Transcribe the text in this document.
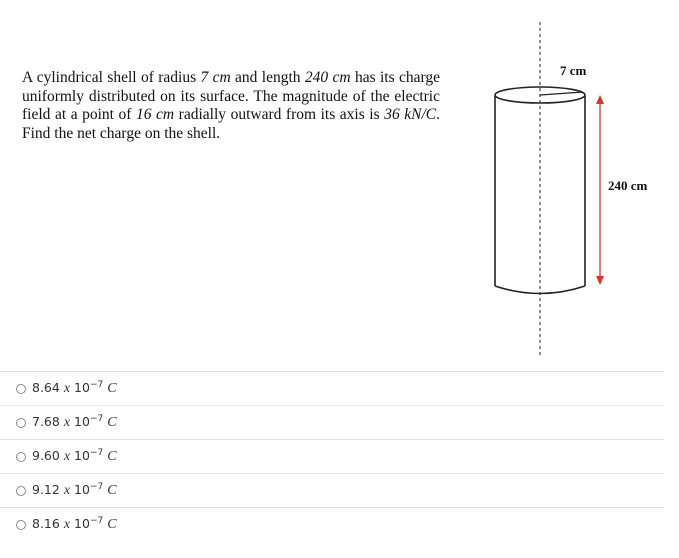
A cylindrical shell of radius 7 cm and length 240 cm has its charge uniformly distributed on its surface. The magnitude of the electric field at a point of 16 cm radially outward from its axis is 36 kN/C. Find the net charge on the shell.
7 cm
240 cm
8.64 x $10^{-7}$ C
7.68 x $10^{-7}$ C
9.60 x $10^{-7}$ C
9.12 x $10^{-7}$ C
8.16 x $10^{-7}$ C
